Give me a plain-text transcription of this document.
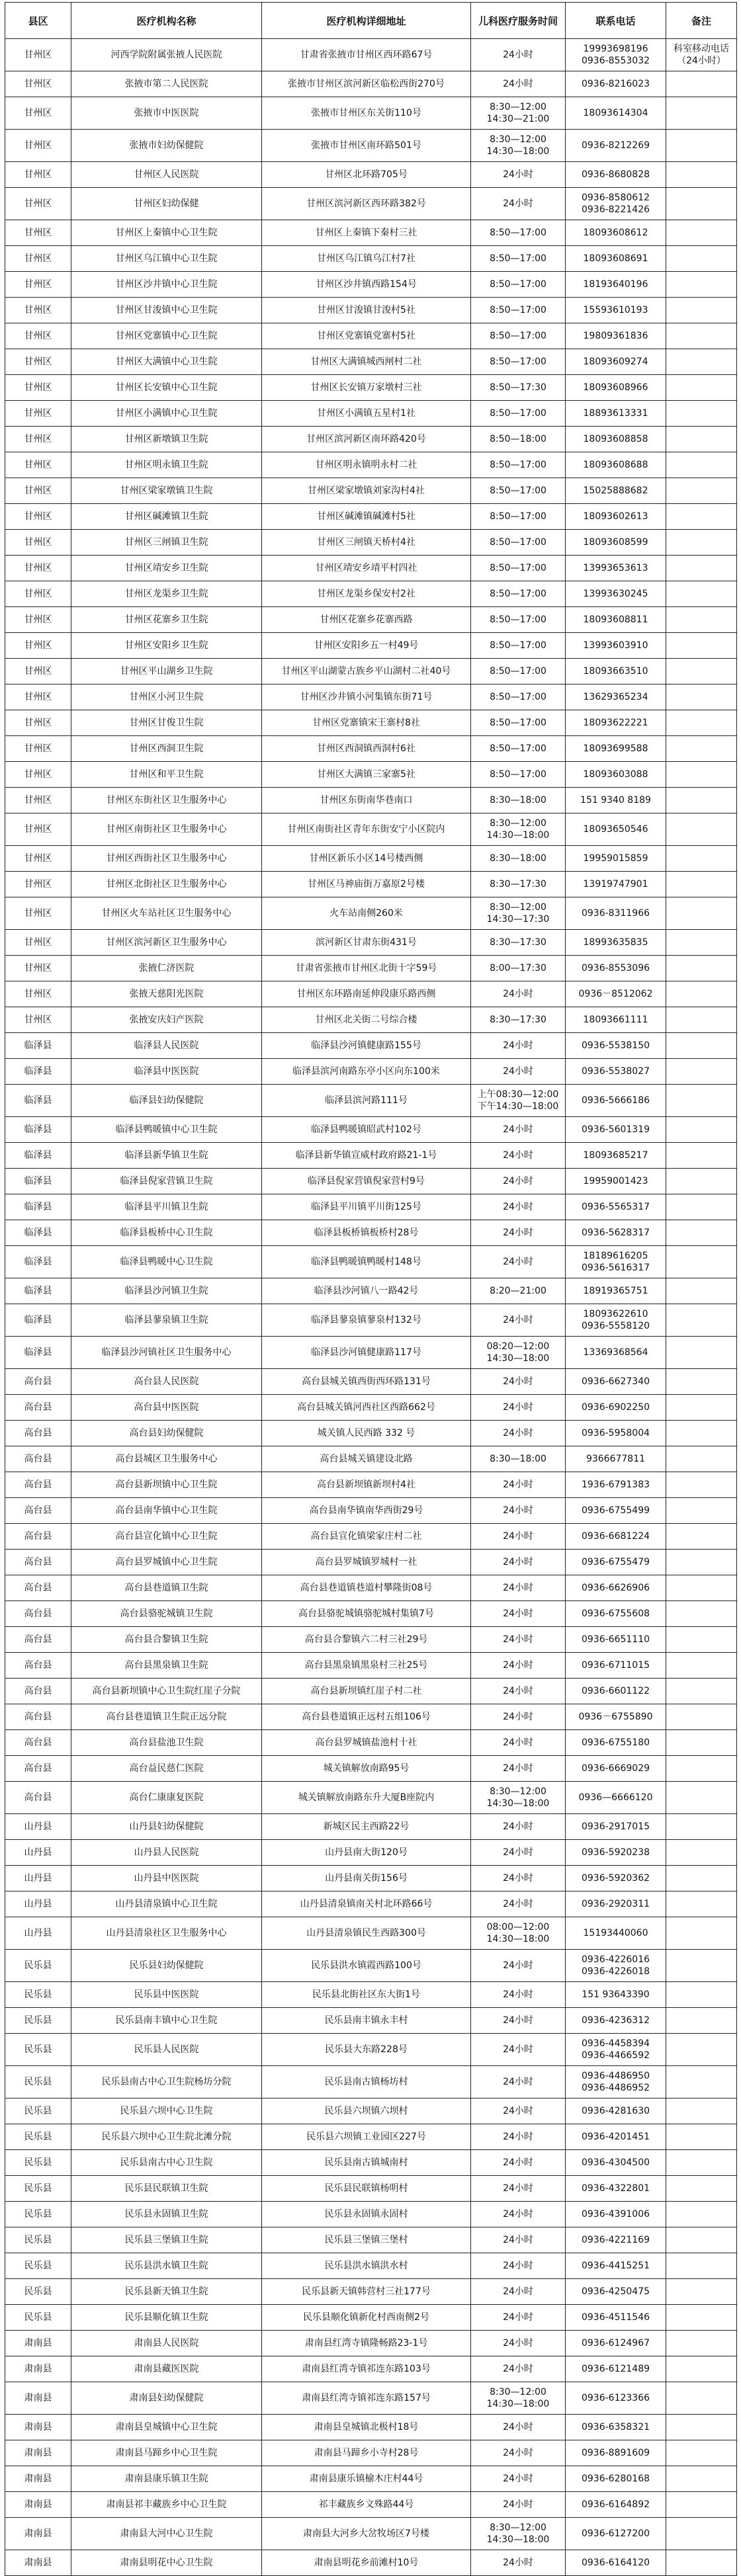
县区	医疗机构名称	医疗机构详细地址	儿科医疗服务时间	联系电话	备注
甘州区	河西学院附属张掖人民医院	甘肃省张掖市甘州区西环路67号	24小时	19993698196
0936-8553032	科室移动电话
（24小时）

甘州区	张掖市第二人民医院	张掖市甘州区滨河新区临松西街270号	24小时	0936-8216023	

甘州区	张掖市中医医院	张掖市甘州区东关街110号	8:30—12:00
14:30—21:00	18093614304	

甘州区	张掖市妇幼保健院	张掖市甘州区南环路501号	8:30—12:00
14:30—18:00	0936-8212269	

甘州区	甘州区人民医院	甘州区北环路705号	24小时	0936-8680828	

甘州区	甘州区妇幼保健	甘州区滨河新区西环路382号	24小时	0936-8580612
0936-8221426	

甘州区	甘州区上秦镇中心卫生院	甘州区上秦镇下秦村三社	8:50—17:00	18093608612	

甘州区	甘州区乌江镇中心卫生院	甘州区乌江镇乌江村7社	8:50—17:00	18093608691	

甘州区	甘州区沙井镇中心卫生院	甘州区沙井镇西路154号	8:50—17:00	18193640196	

甘州区	甘州区甘浚镇中心卫生院	甘州区甘浚镇甘浚村5社	8:50—17:00	15593610193	

甘州区	甘州区党寨镇中心卫生院	甘州区党寨镇党寨村5社	8:50—17:00	19809361836	

甘州区	甘州区大满镇中心卫生院	甘州区大满镇城西闸村二社	8:50—17:00	18093609274	

甘州区	甘州区长安镇中心卫生院	甘州区长安镇万家墩村三社	8:50—17:30	18093608966	

甘州区	甘州区小满镇中心卫生院	甘州区小满镇五星村1社	8:50—17:00	18893613331	

甘州区	甘州区新墩镇卫生院	甘州区滨河新区南环路420号	8:50—18:00	18093608858	

甘州区	甘州区明永镇卫生院	甘州区明永镇明永村二社	8:50—17:00	18093608688	

甘州区	甘州区梁家墩镇卫生院	甘州区梁家墩镇刘家沟村4社	8:50—17:00	15025888682	

甘州区	甘州区碱滩镇卫生院	甘州区碱滩镇碱滩村5社	8:50—17:00	18093602613	

甘州区	甘州区三闸镇卫生院	甘州区三闸镇天桥村4社	8:50—17:00	18093608599	

甘州区	甘州区靖安乡卫生院	甘州区靖安乡靖平村四社	8:50—17:00	13993653613	

甘州区	甘州区龙渠乡卫生院	甘州区龙渠乡保安村2社	8:50—17:00	13993630245	

甘州区	甘州区花寨乡卫生院	甘州区花寨乡花寨西路	8:50—17:00	18093608811	

甘州区	甘州区安阳乡卫生院	甘州区安阳乡五一村49号	8:50—17:00	13993603910	

甘州区	甘州区平山湖乡卫生院	甘州区平山湖蒙古族乡平山湖村二社40号	8:50—17:00	18093663510	

甘州区	甘州区小河卫生院	甘州区沙井镇小河集镇东街71号	8:50—17:00	13629365234	

甘州区	甘州区甘俊卫生院	甘州区党寨镇宋王寨村8社	8:50—17:00	18093622221	

甘州区	甘州区西洞卫生院	甘州区西洞镇西洞村6社	8:50—17:00	18093699588	

甘州区	甘州区和平卫生院	甘州区大满镇三家寨5社	8:50—17:00	18093603088	

甘州区	甘州区东街社区卫生服务中心	甘州区东街南华巷南口	8:30—18:00	151 9340 8189	

甘州区	甘州区南街社区卫生服务中心	甘州区南街社区青年东街安宁小区院内	8:30—12:00
14:30—18:00	18093650546	

甘州区	甘州区西街社区卫生服务中心	甘州区新乐小区14号楼西侧	8:30—18:00	19959015859	

甘州区	甘州区北街社区卫生服务中心	甘州区马神庙街万嘉原2号楼	8:30—17:30	13919747901	

甘州区	甘州区火车站社区卫生服务中心	火车站南侧260米	8:30—12:00
14:30—17:30	0936-8311966	

甘州区	甘州区滨河新区卫生服务中心	滨河新区甘肃东街431号	8:30—17:30	18993635835	

甘州区	张掖仁济医院	甘肃省张掖市甘州区北街十字59号	8:00—17:30	0936-8553096	

甘州区	张掖天慈阳光医院	甘州区东环路南延伸段康乐路西侧	24小时	0936－8512062	

甘州区	张掖安庆妇产医院	甘州区北关街二号综合楼	8:30—17:30	18093661111	

临泽县	临泽县人民医院	临泽县沙河镇健康路155号	24小时	0936-5538150	

临泽县	临泽县中医医院	临泽县滨河南路东亭小区向东100米	24小时	0936-5538027	

临泽县	临泽县妇幼保健院	临泽县滨河路111号	上午08:30—12:00
下午14:30—18:00	0936-5666186	

临泽县	临泽县鸭暖镇中心卫生院	临泽县鸭暖镇昭武村102号	24小时	0936-5601319	

临泽县	临泽县新华镇卫生院	临泽县新华镇宣威村政府路21-1号	24小时	18093685217	

临泽县	临泽县倪家营镇卫生院	临泽县倪家营镇倪家营村9号	24小时	19959001423	

临泽县	临泽县平川镇卫生院	临泽县平川镇平川街125号	24小时	0936-5565317	

临泽县	临泽县板桥中心卫生院	临泽县板桥镇板桥村28号	24小时	0936-5628317	

临泽县	临泽县鸭暖中心卫生院	临泽县鸭暖镇鸭暖村148号	24小时	18189616205
0936-5616317	

临泽县	临泽县沙河镇卫生院	临泽县沙河镇八一路42号	8:20—21:00	18919365751	

临泽县	临泽县蓼泉镇卫生院	临泽县蓼泉镇蓼泉村132号	24小时	18093622610
0936-5558120	

临泽县	临泽县沙河镇社区卫生服务中心	临泽县沙河镇健康路117号	08:20—12:00
14:30—18:00	13369368564	

高台县	高台县人民医院	高台县城关镇西街西环路131号	24小时	0936-6627340	

高台县	高台县中医医院	高台县城关镇河西社区西路662号	24小时	0936-6902250	

高台县	高台县妇幼保健院	城关镇人民西路 332 号	24小时	0936-5958004	

高台县	高台县城区卫生服务中心	高台县城关镇建设北路	8:30—18:00	9366677811	

高台县	高台县新坝镇中心卫生院	高台县新坝镇新坝村4社	24小时	1936-6791383	

高台县	高台县南华镇中心卫生院	高台县南华镇南华西街29号	24小时	0936-6755499	

高台县	高台县宣化镇中心卫生院	高台县宣化镇梁家庄村二社	24小时	0936-6681224	

高台县	高台县罗城镇中心卫生院	高台县罗城镇罗城村一社	24小时	0936-6755479	

高台县	高台县巷道镇卫生院	高台县巷道镇巷道村攀隆街08号	24小时	0936-6626906	

高台县	高台县骆驼城镇卫生院	高台县骆驼城镇骆驼城村集镇7号	24小时	0936-6755608	

高台县	高台县合黎镇卫生院	高台县合黎镇六二村三社29号	24小时	0936-6651110	

高台县	高台县黑泉镇卫生院	高台县黑泉镇黑泉村三社25号	24小时	0936-6711015	

高台县	高台县新坝镇中心卫生院红崖子分院	高台县新坝镇红崖子村二社	24小时	0936-6601122	

高台县	高台县巷道镇卫生院正远分院	高台县巷道镇正远村五组106号	24小时	0936－6755890	

高台县	高台县盐池卫生院	高台县罗城镇盐池村十社	24小时	0936-6755180	

高台县	高台益民慈仁医院	城关镇解放南路95号	24小时	0936-6669029	

高台县	高台仁康康复医院	城关镇解放南路东升大厦B座院内	8:30—12:00
14:30—18:00	0936—6666120	

山丹县	山丹县妇幼保健院	新城区民主西路22号	24小时	0936-2917015	

山丹县	山丹县人民医院	山丹县南大街120号	24小时	0936-5920238	

山丹县	山丹县中医医院	山丹县南关街156号	24小时	0936-5920362	

山丹县	山丹县清泉镇中心卫生院	山丹县清泉镇南关村北环路66号	24小时	0936-2920311	

山丹县	山丹县清泉社区卫生服务中心	山丹县清泉镇民生西路300号	08:00—12:00
14:30—18:00	15193440060	

民乐县	民乐县妇幼保健院	民乐县洪水镇霞西路100号	24小时	0936-4226016
0936-4226018	

民乐县	民乐县中医医院	民乐县北街社区东大街1号	24小时	151 93643390	

民乐县	民乐县南丰镇中心卫生院	民乐县南丰镇永丰村	24小时	0936-4236312	

民乐县	民乐县人民医院	民乐县大东路228号	24小时	0936-4458394
0936-4466592	

民乐县	民乐县南古中心卫生院杨坊分院	民乐县南古镇杨坊村	24小时	0936-4486950
0936-4486952	

民乐县	民乐县六坝中心卫生院	民乐县六坝镇六坝村	24小时	0936-4281630	

民乐县	民乐县六坝中心卫生院北滩分院	民乐县六坝镇工业园区227号	24小时	0936-4201451	

民乐县	民乐县南古中心卫生院	民乐县南古镇城南村	24小时	0936-4304500	

民乐县	民乐县民联镇卫生院	民乐县民联镇杨明村	24小时	0936-4322801	

民乐县	民乐县永固镇卫生院	民乐县永固镇永固村	24小时	0936-4391006	

民乐县	民乐县三堡镇卫生院	民乐县三堡镇三堡村	24小时	0936-4221169	

民乐县	民乐县洪水镇卫生院	民乐县洪水镇洪水村	24小时	0936-4415251	

民乐县	民乐县新天镇卫生院	民乐县新天镇韩营村三社177号	24小时	0936-4250475	

民乐县	民乐县顺化镇卫生院	民乐县顺化镇新化村西南侧2号	24小时	0936-4511546	

肃南县	肃南县人民医院	肃南县红湾寺镇隆畅路23-1号	24小时	0936-6124967	

肃南县	肃南县藏医医院	肃南县红湾寺镇祁连东路103号	24小时	0936-6121489	

肃南县	肃南县妇幼保健院	肃南县红湾寺镇祁连东路157号	8:30—12:00
14:30—18:00	0936-6123366	

肃南县	肃南县皇城镇中心卫生院	肃南县皇城镇北极村18号	24小时	0936-6358321	

肃南县	肃南县马蹄乡中心卫生院	肃南县马蹄乡小寺村28号	24小时	0936-8891609	

肃南县	肃南县康乐镇卫生院	肃南县康乐镇榆木庄村44号	24小时	0936-6280168	

肃南县	肃南县祁丰藏族乡中心卫生院	祁丰藏族乡文殊路44号	24小时	0936-6164892	

肃南县	肃南县大河中心卫生院	肃南县大河乡大岔牧场区7号楼	8:30—12:00
14:30—18:00	0936-6127200	

肃南县	肃南县明花中心卫生院	肃南县明花乡前滩村10号	24小时	0936-6164120	
